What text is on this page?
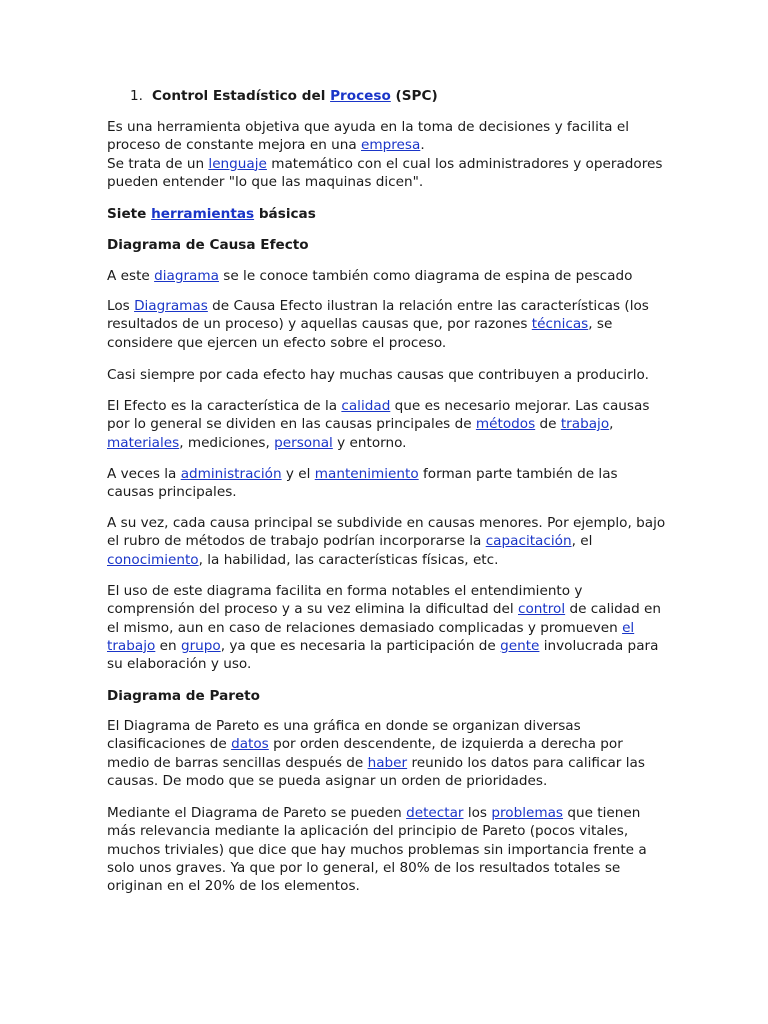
1. Control Estadístico del Proceso (SPC)

Es una herramienta objetiva que ayuda en la toma de decisiones y facilita el proceso de constante mejora en una empresa.
Se trata de un lenguaje matemático con el cual los administradores y operadores pueden entender "lo que las maquinas dicen".

Siete herramientas básicas
Diagrama de Causa Efecto

A este diagrama se le conoce también como diagrama de espina de pescado

Los Diagramas de Causa Efecto ilustran la relación entre las características (los resultados de un proceso) y aquellas causas que, por razones técnicas, se considere que ejercen un efecto sobre el proceso.

Casi siempre por cada efecto hay muchas causas que contribuyen a producirlo.

El Efecto es la característica de la calidad que es necesario mejorar. Las causas por lo general se dividen en las causas principales de métodos de trabajo, materiales, mediciones, personal y entorno.

A veces la administración y el mantenimiento forman parte también de las causas principales.

A su vez, cada causa principal se subdivide en causas menores. Por ejemplo, bajo el rubro de métodos de trabajo podrían incorporarse la capacitación, el conocimiento, la habilidad, las características físicas, etc.

El uso de este diagrama facilita en forma notables el entendimiento y comprensión del proceso y a su vez elimina la dificultad del control de calidad en el mismo, aun en caso de relaciones demasiado complicadas y promueven el trabajo en grupo, ya que es necesaria la participación de gente involucrada para su elaboración y uso.

Diagrama de Pareto

El Diagrama de Pareto es una gráfica en donde se organizan diversas clasificaciones de datos por orden descendente, de izquierda a derecha por medio de barras sencillas después de haber reunido los datos para calificar las causas. De modo que se pueda asignar un orden de prioridades.

Mediante el Diagrama de Pareto se pueden detectar los problemas que tienen más relevancia mediante la aplicación del principio de Pareto (pocos vitales, muchos triviales) que dice que hay muchos problemas sin importancia frente a solo unos graves. Ya que por lo general, el 80% de los resultados totales se originan en el 20% de los elementos.
